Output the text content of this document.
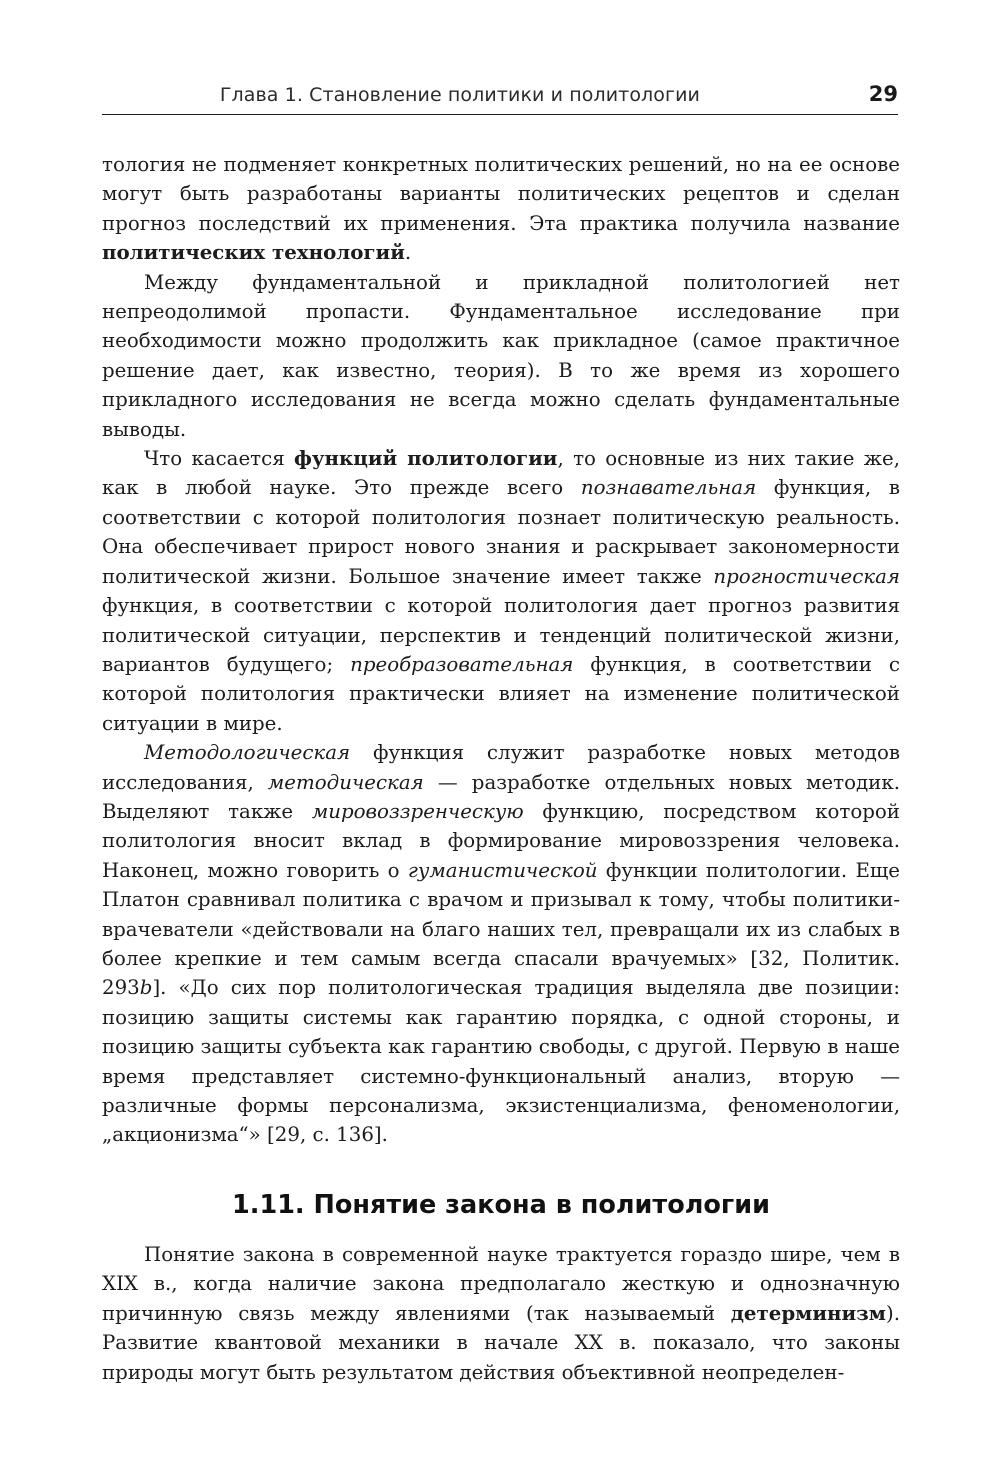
Глава 1. Становление политики и политологии	29

тология не подменяет конкретных политических решений, но на ее основе могут быть разработаны варианты политических рецептов и сделан прогноз последствий их применения. Эта практика получила название политических технологий.

Между фундаментальной и прикладной политологией нет непреодолимой пропасти. Фундаментальное исследование при необходимости можно продолжить как прикладное (самое практичное решение дает, как известно, теория). В то же время из хорошего прикладного исследования не всегда можно сделать фундаментальные выводы.

Что касается функций политологии, то основные из них такие же, как в любой науке. Это прежде всего познавательная функция, в соответствии с которой политология познает политическую реальность. Она обеспечивает прирост нового знания и раскрывает закономерности политической жизни. Большое значение имеет также прогностическая функция, в соответствии с которой политология дает прогноз развития политической ситуации, перспектив и тенденций политической жизни, вариантов будущего; преобразовательная функция, в соответствии с которой политология практически влияет на изменение политической ситуации в мире.

Методологическая функция служит разработке новых методов исследования, методическая — разработке отдельных новых методик. Выделяют также мировоззренческую функцию, посредством которой политология вносит вклад в формирование мировоззрения человека. Наконец, можно говорить о гуманистической функции политологии. Еще Платон сравнивал политика с врачом и призывал к тому, чтобы политики-врачеватели «действовали на благо наших тел, превращали их из слабых в более крепкие и тем самым всегда спасали врачуемых» [32, Политик. 293b]. «До сих пор политологическая традиция выделяла две позиции: позицию защиты системы как гарантию порядка, с одной стороны, и позицию защиты субъекта как гарантию свободы, с другой. Первую в наше время представляет системно-функциональный анализ, вторую — различные формы персонализма, экзистенциализма, феноменологии, „акционизма“» [29, с. 136].

1.11. Понятие закона в политологии

Понятие закона в современной науке трактуется гораздо шире, чем в XIX в., когда наличие закона предполагало жесткую и однозначную причинную связь между явлениями (так называемый детерминизм). Развитие квантовой механики в начале XX в. показало, что законы природы могут быть результатом действия объективной неопределен-
